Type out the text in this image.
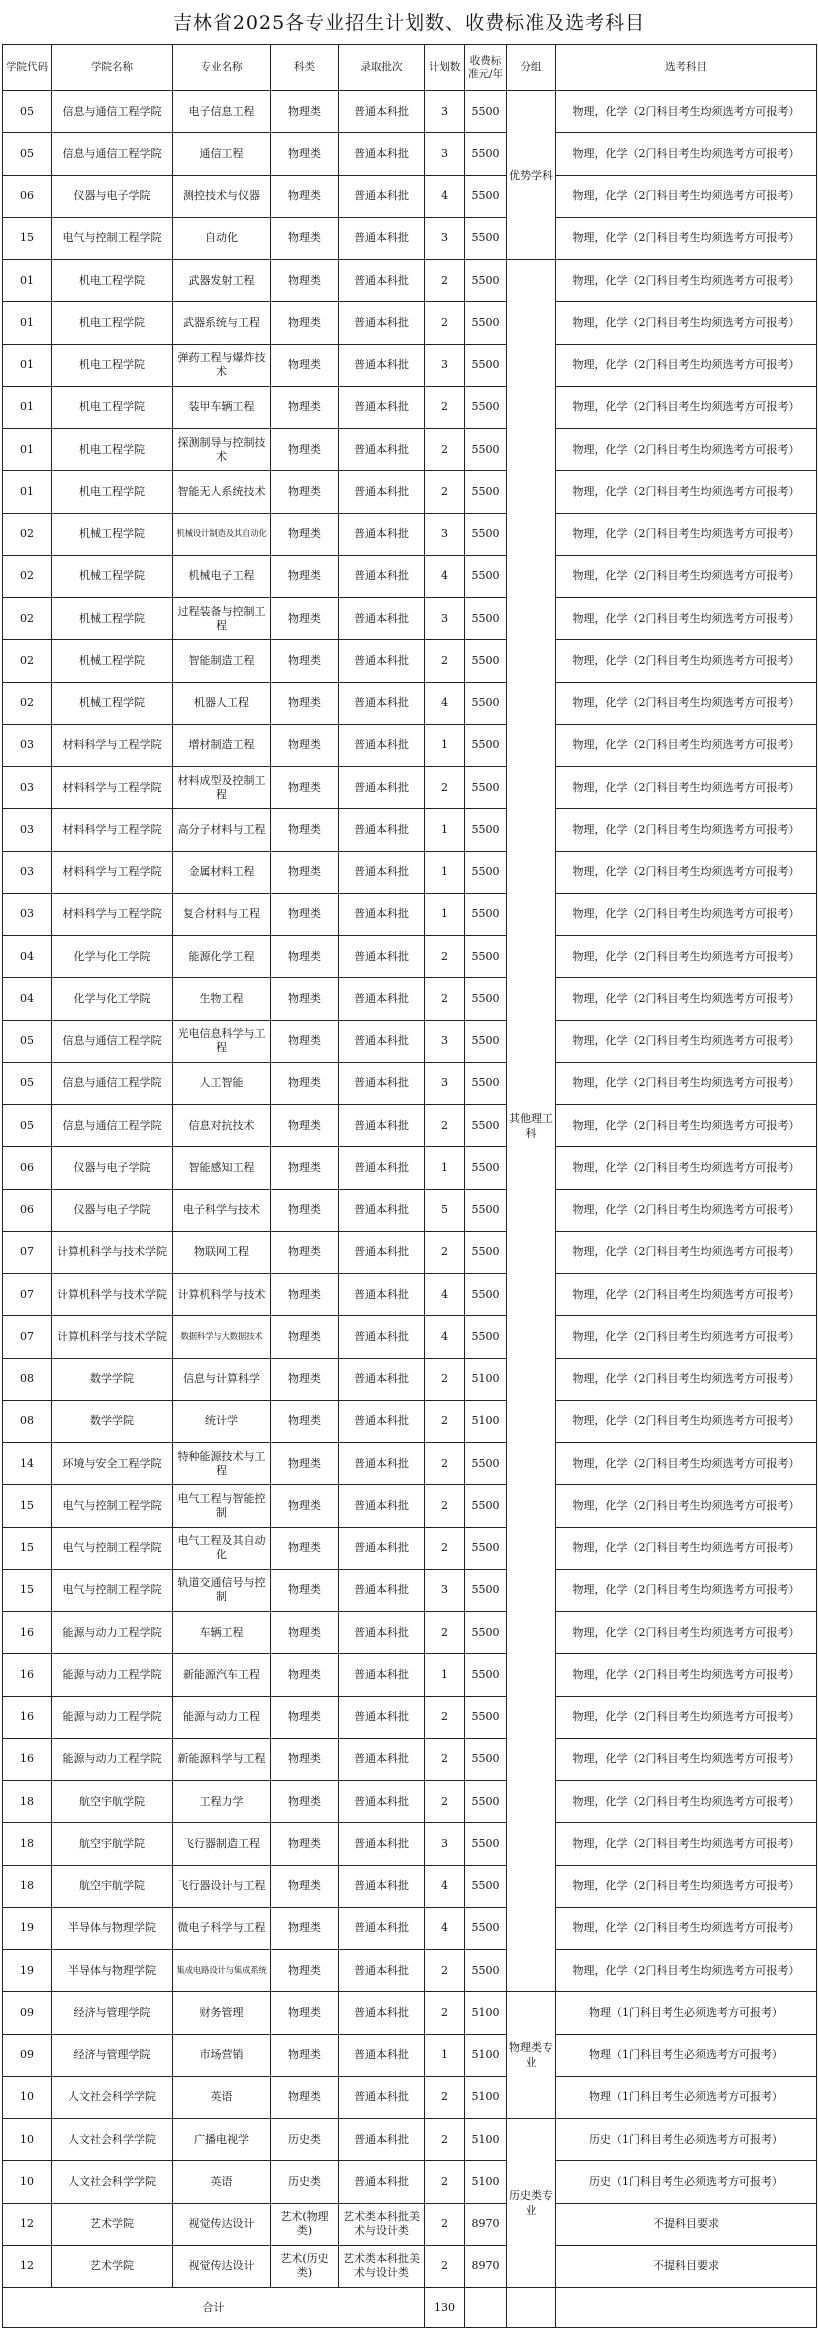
吉林省2025各专业招生计划数、收费标准及选考科目
学院代码	学院名称	专业名称	科类	录取批次	计划数	收费标准元/年	分组	选考科目
05	信息与通信工程学院	电子信息工程	物理类	普通本科批	3	5500	优势学科	物理，化学（2门科目考生均须选考方可报考）
05	信息与通信工程学院	通信工程	物理类	普通本科批	3	5500		物理，化学（2门科目考生均须选考方可报考）
06	仪器与电子学院	测控技术与仪器	物理类	普通本科批	4	5500		物理，化学（2门科目考生均须选考方可报考）
15	电气与控制工程学院	自动化	物理类	普通本科批	3	5500		物理，化学（2门科目考生均须选考方可报考）
01	机电工程学院	武器发射工程	物理类	普通本科批	2	5500	其他理工科	物理，化学（2门科目考生均须选考方可报考）
01	机电工程学院	武器系统与工程	物理类	普通本科批	2	5500		物理，化学（2门科目考生均须选考方可报考）
01	机电工程学院	弹药工程与爆炸技术	物理类	普通本科批	3	5500		物理，化学（2门科目考生均须选考方可报考）
01	机电工程学院	装甲车辆工程	物理类	普通本科批	2	5500		物理，化学（2门科目考生均须选考方可报考）
01	机电工程学院	探测制导与控制技术	物理类	普通本科批	2	5500		物理，化学（2门科目考生均须选考方可报考）
01	机电工程学院	智能无人系统技术	物理类	普通本科批	2	5500		物理，化学（2门科目考生均须选考方可报考）
02	机械工程学院	机械设计制造及其自动化	物理类	普通本科批	3	5500		物理，化学（2门科目考生均须选考方可报考）
02	机械工程学院	机械电子工程	物理类	普通本科批	4	5500		物理，化学（2门科目考生均须选考方可报考）
02	机械工程学院	过程装备与控制工程	物理类	普通本科批	3	5500		物理，化学（2门科目考生均须选考方可报考）
02	机械工程学院	智能制造工程	物理类	普通本科批	2	5500		物理，化学（2门科目考生均须选考方可报考）
02	机械工程学院	机器人工程	物理类	普通本科批	4	5500		物理，化学（2门科目考生均须选考方可报考）
03	材料科学与工程学院	增材制造工程	物理类	普通本科批	1	5500		物理，化学（2门科目考生均须选考方可报考）
03	材料科学与工程学院	材料成型及控制工程	物理类	普通本科批	2	5500		物理，化学（2门科目考生均须选考方可报考）
03	材料科学与工程学院	高分子材料与工程	物理类	普通本科批	1	5500		物理，化学（2门科目考生均须选考方可报考）
03	材料科学与工程学院	金属材料工程	物理类	普通本科批	1	5500		物理，化学（2门科目考生均须选考方可报考）
03	材料科学与工程学院	复合材料与工程	物理类	普通本科批	1	5500		物理，化学（2门科目考生均须选考方可报考）
04	化学与化工学院	能源化学工程	物理类	普通本科批	2	5500		物理，化学（2门科目考生均须选考方可报考）
04	化学与化工学院	生物工程	物理类	普通本科批	2	5500		物理，化学（2门科目考生均须选考方可报考）
05	信息与通信工程学院	光电信息科学与工程	物理类	普通本科批	3	5500		物理，化学（2门科目考生均须选考方可报考）
05	信息与通信工程学院	人工智能	物理类	普通本科批	3	5500		物理，化学（2门科目考生均须选考方可报考）
05	信息与通信工程学院	信息对抗技术	物理类	普通本科批	2	5500		物理，化学（2门科目考生均须选考方可报考）
06	仪器与电子学院	智能感知工程	物理类	普通本科批	1	5500		物理，化学（2门科目考生均须选考方可报考）
06	仪器与电子学院	电子科学与技术	物理类	普通本科批	5	5500		物理，化学（2门科目考生均须选考方可报考）
07	计算机科学与技术学院	物联网工程	物理类	普通本科批	2	5500		物理，化学（2门科目考生均须选考方可报考）
07	计算机科学与技术学院	计算机科学与技术	物理类	普通本科批	4	5500		物理，化学（2门科目考生均须选考方可报考）
07	计算机科学与技术学院	数据科学与大数据技术	物理类	普通本科批	4	5500		物理，化学（2门科目考生均须选考方可报考）
08	数学学院	信息与计算科学	物理类	普通本科批	2	5100		物理，化学（2门科目考生均须选考方可报考）
08	数学学院	统计学	物理类	普通本科批	2	5100		物理，化学（2门科目考生均须选考方可报考）
14	环境与安全工程学院	特种能源技术与工程	物理类	普通本科批	2	5500		物理，化学（2门科目考生均须选考方可报考）
15	电气与控制工程学院	电气工程与智能控制	物理类	普通本科批	2	5500		物理，化学（2门科目考生均须选考方可报考）
15	电气与控制工程学院	电气工程及其自动化	物理类	普通本科批	2	5500		物理，化学（2门科目考生均须选考方可报考）
15	电气与控制工程学院	轨道交通信号与控制	物理类	普通本科批	3	5500		物理，化学（2门科目考生均须选考方可报考）
16	能源与动力工程学院	车辆工程	物理类	普通本科批	2	5500		物理，化学（2门科目考生均须选考方可报考）
16	能源与动力工程学院	新能源汽车工程	物理类	普通本科批	1	5500		物理，化学（2门科目考生均须选考方可报考）
16	能源与动力工程学院	能源与动力工程	物理类	普通本科批	2	5500		物理，化学（2门科目考生均须选考方可报考）
16	能源与动力工程学院	新能源科学与工程	物理类	普通本科批	2	5500		物理，化学（2门科目考生均须选考方可报考）
18	航空宇航学院	工程力学	物理类	普通本科批	2	5500		物理，化学（2门科目考生均须选考方可报考）
18	航空宇航学院	飞行器制造工程	物理类	普通本科批	3	5500		物理，化学（2门科目考生均须选考方可报考）
18	航空宇航学院	飞行器设计与工程	物理类	普通本科批	4	5500		物理，化学（2门科目考生均须选考方可报考）
19	半导体与物理学院	微电子科学与工程	物理类	普通本科批	4	5500		物理，化学（2门科目考生均须选考方可报考）
19	半导体与物理学院	集成电路设计与集成系统	物理类	普通本科批	2	5500		物理，化学（2门科目考生均须选考方可报考）
09	经济与管理学院	财务管理	物理类	普通本科批	2	5100	物理类专业	物理（1门科目考生必须选考方可报考）
09	经济与管理学院	市场营销	物理类	普通本科批	1	5100		物理（1门科目考生必须选考方可报考）
10	人文社会科学学院	英语	物理类	普通本科批	2	5100		物理（1门科目考生必须选考方可报考）
10	人文社会科学学院	广播电视学	历史类	普通本科批	2	5100	历史类专业	历史（1门科目考生必须选考方可报考）
10	人文社会科学学院	英语	历史类	普通本科批	2	5100		历史（1门科目考生必须选考方可报考）
12	艺术学院	视觉传达设计	艺术(物理类)	艺术类本科批美术与设计类	2	8970		不提科目要求
12	艺术学院	视觉传达设计	艺术(历史类)	艺术类本科批美术与设计类	2	8970		不提科目要求
合计					130			
